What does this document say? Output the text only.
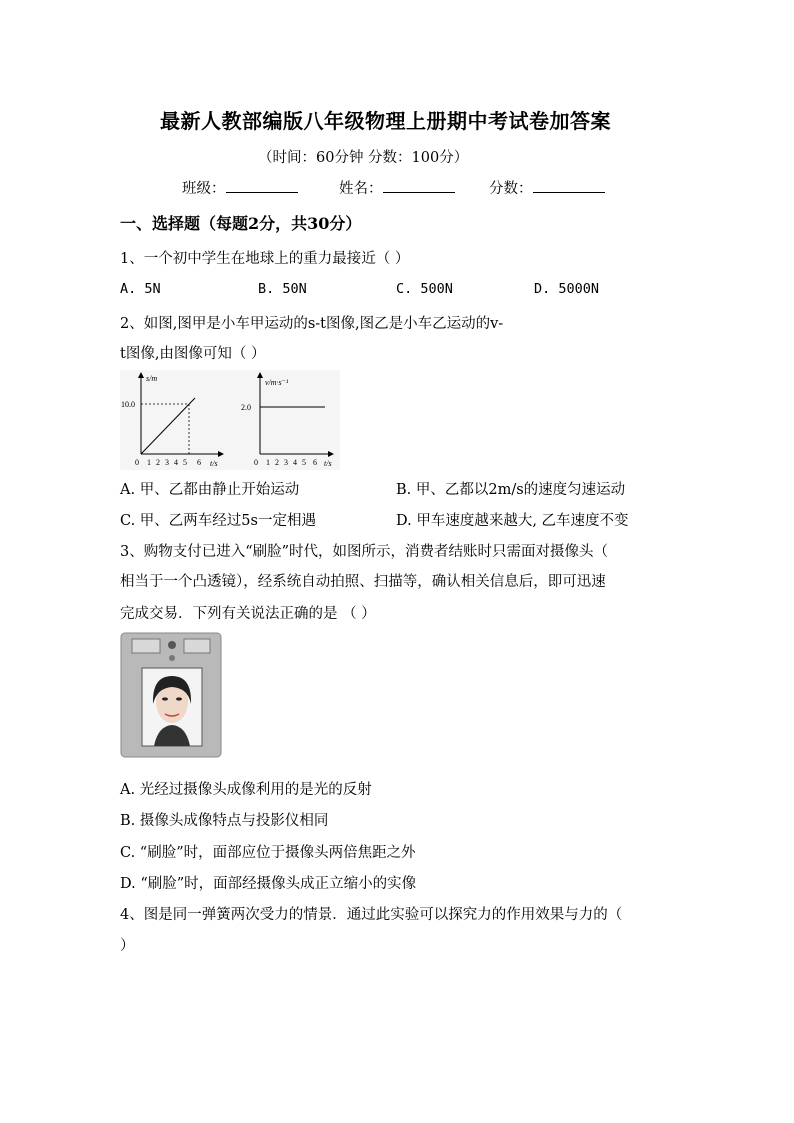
最新人教部编版八年级物理上册期中考试卷加答案
（时间：60分钟 分数：100分）
班级：	姓名：	分数：
一、选择题（每题2分，共30分）
1、一个初中学生在地球上的重力最接近（ ）
A. 5N	B. 50N	C. 500N	D. 5000N
2、如图,图甲是小车甲运动的s-t图像,图乙是小车乙运动的v-
t图像,由图像可知（ ）
s/m
10.0
0 1 2 3 4 5 6 t/s
v/m·s⁻¹
2.0
0 1 2 3 4 5 6 t/s
A. 甲、乙都由静止开始运动	B. 甲、乙都以2m/s的速度匀速运动
C. 甲、乙两车经过5s一定相遇	D. 甲车速度越来越大, 乙车速度不变
3、购物支付已进入“刷脸”时代，如图所示，消费者结账时只需面对摄像头（
相当于一个凸透镜），经系统自动拍照、扫描等，确认相关信息后，即可迅速
完成交易．下列有关说法正确的是 （ ）
A. 光经过摄像头成像利用的是光的反射
B. 摄像头成像特点与投影仪相同
C. “刷脸”时，面部应位于摄像头两倍焦距之外
D. “刷脸”时，面部经摄像头成正立缩小的实像
4、图是同一弹簧两次受力的情景．通过此实验可以探究力的作用效果与力的（
）
